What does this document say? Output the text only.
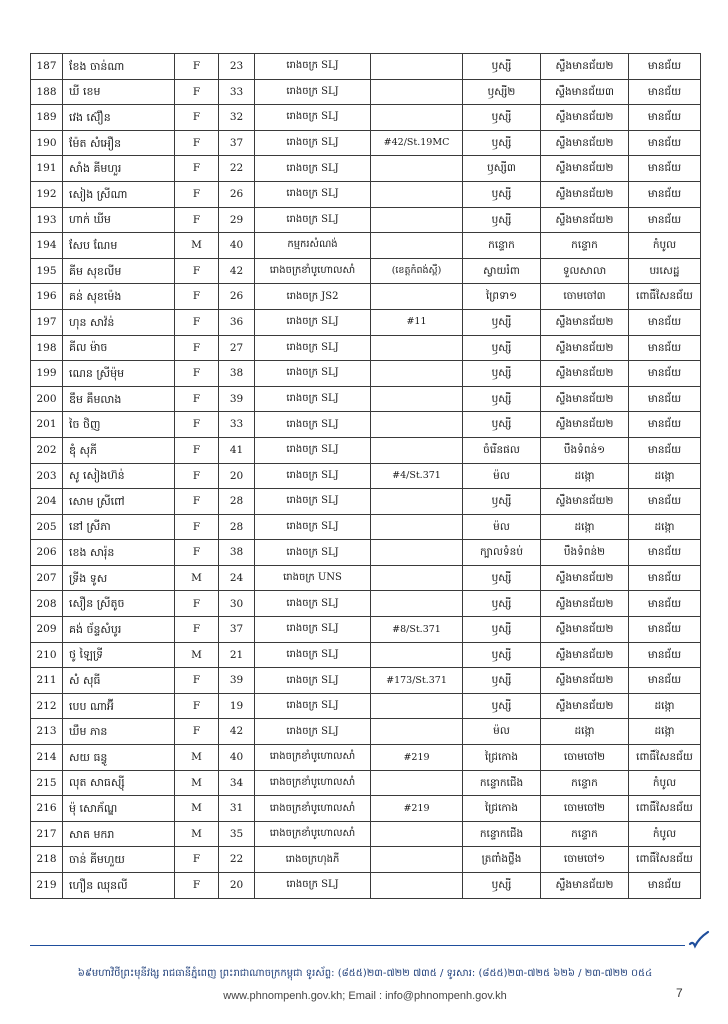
187	ខែង ចាន់ណា	F	23	រោងចក្រ SLJ		ឫស្សី	ស្ទឹងមានជ័យ២	មានជ័យ
188	ឃី ខេម	F	33	រោងចក្រ SLJ		ឫស្សី២	ស្ទឹងមានជ័យ៣	មានជ័យ
189	វេង ស៊ឿន	F	32	រោងចក្រ SLJ		ឫស្សី	ស្ទឹងមានជ័យ២	មានជ័យ
190	ម៉ែត សំអឿន	F	37	រោងចក្រ SLJ	#42/St.19MC	ឫស្សី	ស្ទឹងមានជ័យ២	មានជ័យ
191	សាំង គីមហួរ	F	22	រោងចក្រ SLJ		ឫស្សី៣	ស្ទឹងមានជ័យ២	មានជ័យ
192	សៀង ស្រីណា	F	26	រោងចក្រ SLJ		ឫស្សី	ស្ទឹងមានជ័យ២	មានជ័យ
193	ហាក់ ឃីម	F	29	រោងចក្រ SLJ		ឫស្សី	ស្ទឹងមានជ័យ២	មានជ័យ
194	សែប ណែម	M	40	កម្មករសំណង់		កន្ទោក	កន្ទោក	កំបូល
195	គីម សុខលីម	F	42	រោងចក្រខាំបូហោលសាំ	(ខេត្តកំពង់ស្ពឺ)	ស្វាយរំពា	ទួលសាលា	បរសេដ្ឋ
196	គន់ សុខម៉េង	F	26	រោងចក្រ JS2		ព្រៃទា១	ចោមចៅ៣	ពោធិ៍សែនជ័យ
197	ហុន សាវ៉ន់	F	36	រោងចក្រ SLJ	#11	ឫស្សី	ស្ទឹងមានជ័យ២	មានជ័យ
198	គីល ម៉ាច	F	27	រោងចក្រ SLJ		ឫស្សី	ស្ទឹងមានជ័យ២	មានជ័យ
199	ណេន ស្រីម៉ុម	F	38	រោងចក្រ SLJ		ឫស្សី	ស្ទឹងមានជ័យ២	មានជ័យ
200	ឌឹម គឹមលាង	F	39	រោងចក្រ SLJ		ឫស្សី	ស្ទឹងមានជ័យ២	មានជ័យ
201	ចៃ ថិញ	F	33	រោងចក្រ SLJ		ឫស្សី	ស្ទឹងមានជ័យ២	មានជ័យ
202	ឌុំ សុភី	F	41	រោងចក្រ SLJ		ចំរើនផល	បឹងទំពន់១	មានជ័យ
203	សូ សៀងហ៊ន់	F	20	រោងចក្រ SLJ	#4/St.371	ម៉ល	ដង្កោ	ដង្កោ
204	សោម ស្រីពៅ	F	28	រោងចក្រ SLJ		ឫស្សី	ស្ទឹងមានជ័យ២	មានជ័យ
205	នៅ ស្រីភា	F	28	រោងចក្រ SLJ		ម៉ល	ដង្កោ	ដង្កោ
206	ខេង សារ៉ុន	F	38	រោងចក្រ SLJ		ក្បាលទំនប់	បឹងទំពន់២	មានជ័យ
207	ទ្រីង ទូស	M	24	រោងចក្រ UNS		ឫស្សី	ស្ទឹងមានជ័យ២	មានជ័យ
208	សឿន ស្រីតូច	F	30	រោងចក្រ SLJ		ឫស្សី	ស្ទឹងមានជ័យ២	មានជ័យ
209	គង់ ច័ន្ទសំបូរ	F	37	រោងចក្រ SLJ	#8/St.371	ឫស្សី	ស្ទឹងមានជ័យ២	មានជ័យ
210	ថូ ឡៃទ្រី	M	21	រោងចក្រ SLJ		ឫស្សី	ស្ទឹងមានជ័យ២	មានជ័យ
211	សំ សុធី	F	39	រោងចក្រ SLJ	#173/St.371	ឫស្សី	ស្ទឹងមានជ័យ២	មានជ័យ
212	បេប ណាអ៊ី	F	19	រោងចក្រ SLJ		ឫស្សី	ស្ទឹងមានជ័យ២	ដង្កោ
213	ឃឹម ភាន	F	42	រោងចក្រ SLJ		ម៉ល	ដង្កោ	ដង្កោ
214	សយ ធន្វូ	M	40	រោងចក្រខាំបូហោលសាំ	#219	ជ្រៃកោង	ចោមចៅ២	ពោធិ៍សែនជ័យ
215	លុត សាធស្ស៊ី	M	34	រោងចក្រខាំបូហោលសាំ		កន្ទោកជើង	កន្ទោក	កំបូល
216	ម៉ុ សោភ័ណ្ឌ	M	31	រោងចក្រខាំបូហោលសាំ	#219	ជ្រៃកោង	ចោមចៅ២	ពោធិ៍សែនជ័យ
217	សាត មករា	M	35	រោងចក្រខាំបូហោលសាំ		កន្ទោកជើង	កន្ទោក	កំបូល
218	ចាន់ គីមហួយ	F	22	រោងចក្រហុងភី		ត្រពាំងថ្លឹង	ចោមចៅ១	ពោធិ៍សែនជ័យ
219	ហឿន ឈុនលី	F	20	រោងចក្រ SLJ		ឫស្សី	ស្ទឹងមានជ័យ២	មានជ័យ
៦៩មហាវិថីព្រះមុនីវង្ស រាជធានីភ្នំពេញ ព្រះរាជាណាចក្រកម្ពុជា ទូរស័ព្ទ: (៨៥៥)២៣-៧២២ ៧៣៥ / ទូរសារ: (៨៥៥)២៣-៧២៥ ៦២៦ / ២៣-៧២២ ០៥៤
www.phnompenh.gov.kh; Email : info@phnompenh.gov.kh	7
